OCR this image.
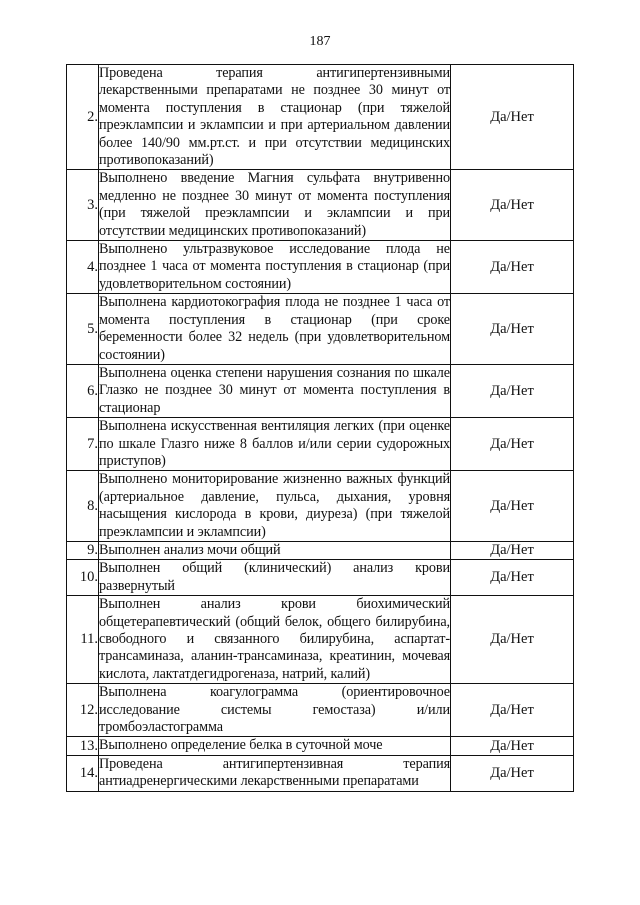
187
2.	Проведена терапия антигипертензивными лекарственными препаратами не позднее 30 минут от момента поступления в стационар (при тяжелой преэклампсии и эклампсии и при артериальном давлении более 140/90 мм.рт.ст. и при отсутствии медицинских противопоказаний)	Да/Нет
3.	Выполнено введение Магния сульфата внутривенно медленно не позднее 30 минут от момента поступления (при тяжелой преэклампсии и эклампсии и при отсутствии медицинских противопоказаний)	Да/Нет
4.	Выполнено ультразвуковое исследование плода не позднее 1 часа от момента поступления в стационар (при удовлетворительном состоянии)	Да/Нет
5.	Выполнена кардиотокография плода не позднее 1 часа от момента поступления в стационар (при сроке беременности более 32 недель (при удовлетворительном состоянии)	Да/Нет
6.	Выполнена оценка степени нарушения сознания по шкале Глазко не позднее 30 минут от момента поступления в стационар	Да/Нет
7.	Выполнена искусственная вентиляция легких (при оценке по шкале Глазго ниже 8 баллов и/или серии судорожных приступов)	Да/Нет
8.	Выполнено мониторирование жизненно важных функций (артериальное давление, пульса, дыхания, уровня насыщения кислорода в крови, диуреза) (при тяжелой преэклампсии и эклампсии)	Да/Нет
9.	Выполнен анализ мочи общий	Да/Нет
10.	Выполнен общий (клинический) анализ крови развернутый	Да/Нет
11.	Выполнен анализ крови биохимический общетерапевтический (общий белок, общего билирубина, свободного и связанного билирубина, аспартат-трансаминаза, аланин-трансаминаза, креатинин, мочевая кислота, лактатдегидрогеназа, натрий, калий)	Да/Нет
12.	Выполнена коагулограмма (ориентировочное исследование системы гемостаза) и/или тромбоэластограмма	Да/Нет
13.	Выполнено определение белка в суточной моче	Да/Нет
14.	Проведена антигипертензивная терапия антиадренергическими лекарственными препаратами	Да/Нет
